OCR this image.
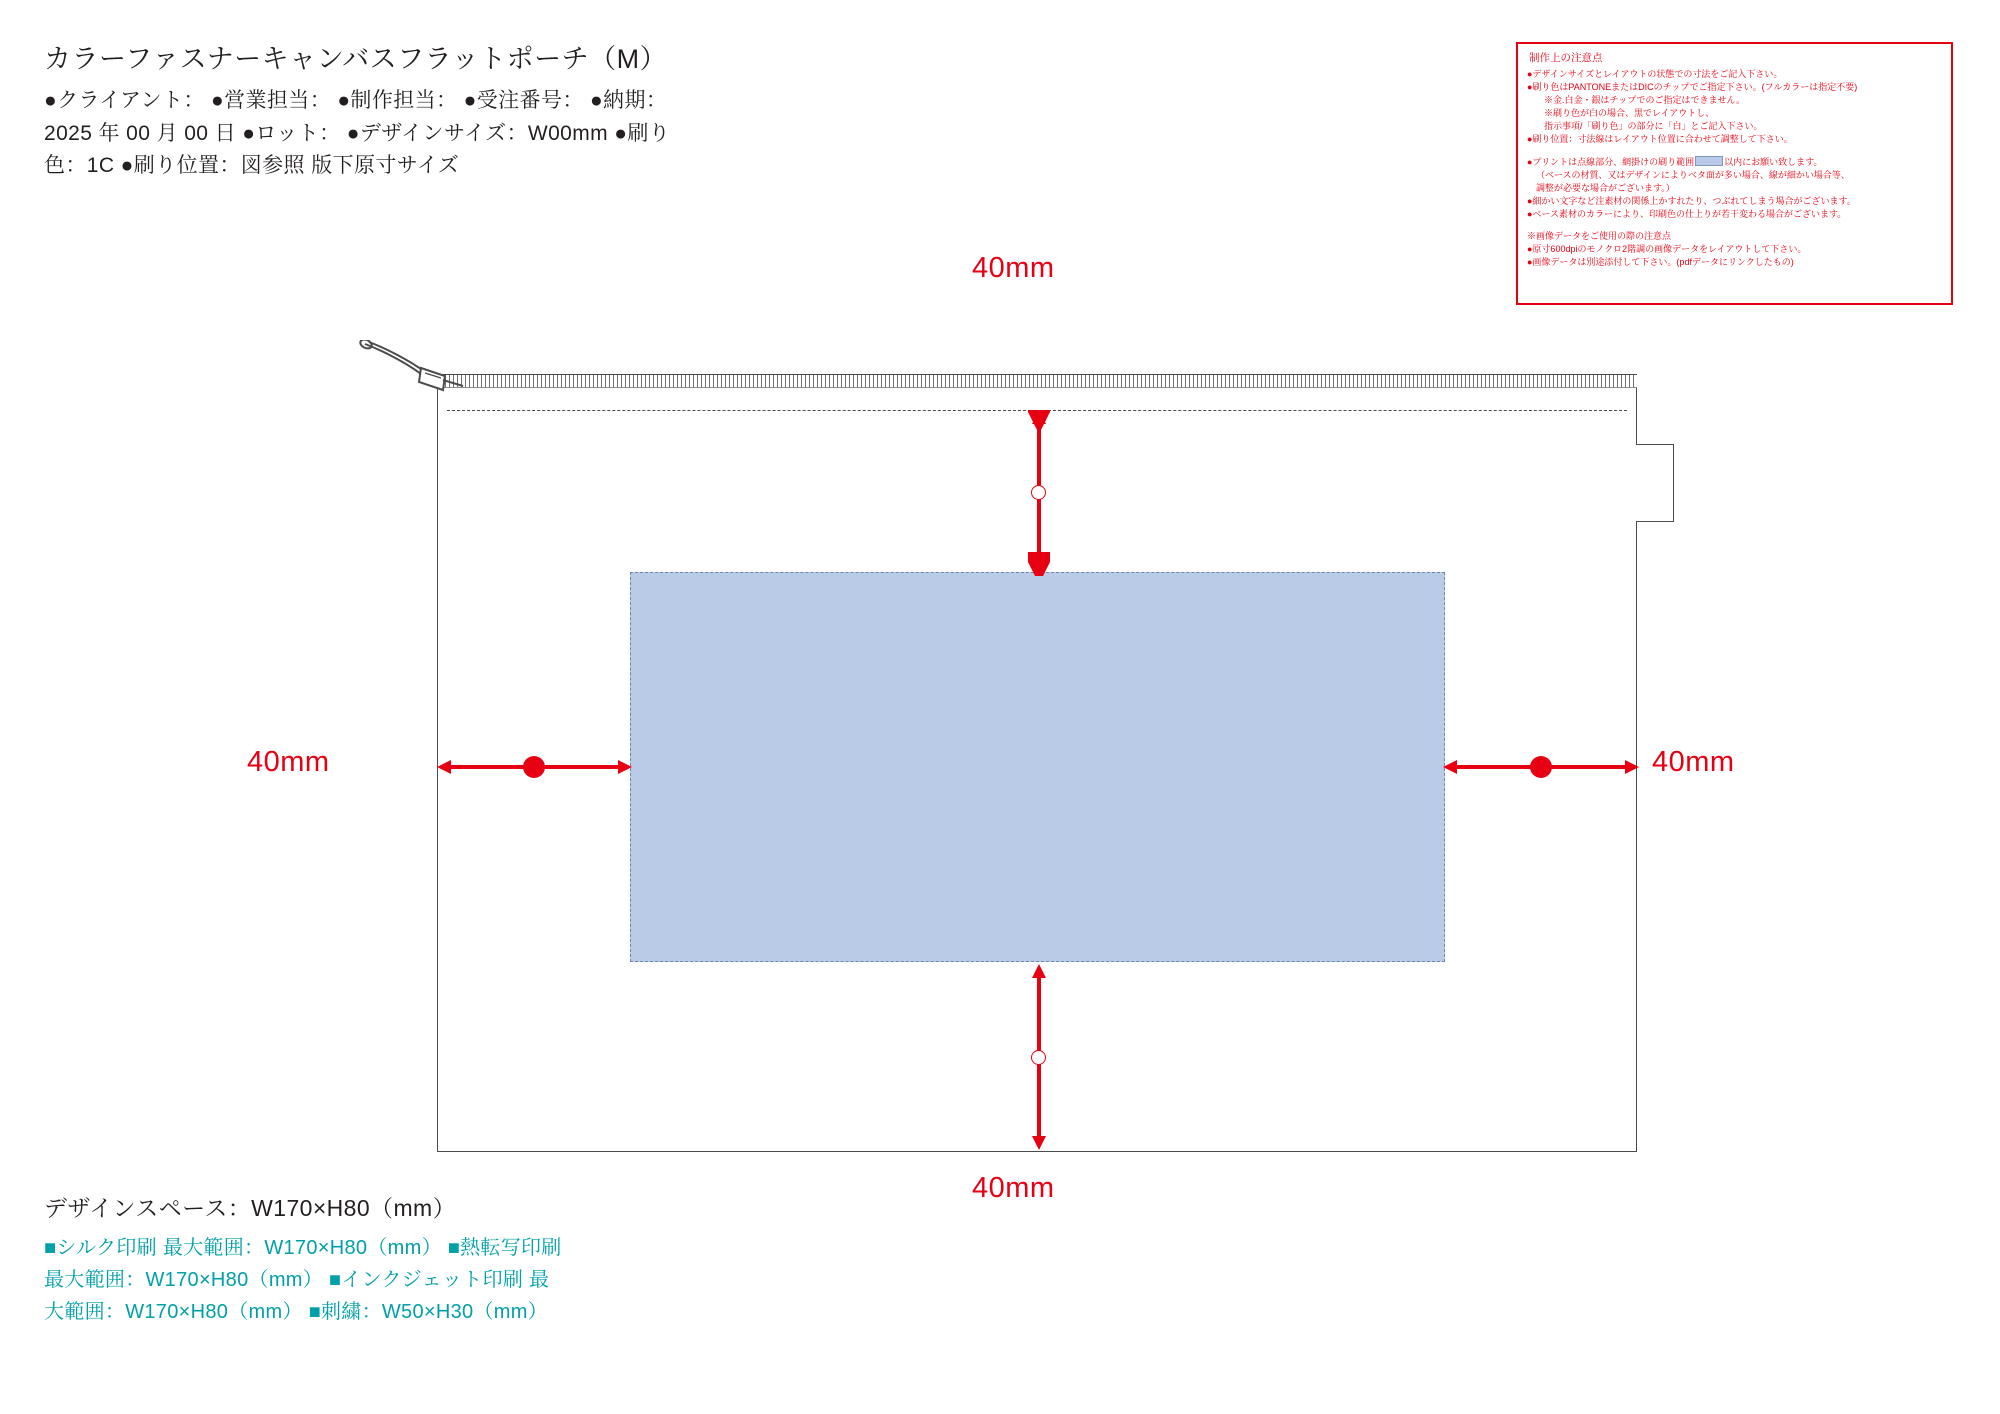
カラーファスナーキャンバスフラットポーチ（M）
●クライアント： ●営業担当： ●制作担当： ●受注番号： ●納期：
2025 年 00 月 00 日 ●ロット： ●デザインサイズ：W00mm ●刷り
色：1C ●刷り位置：図参照 版下原寸サイズ
制作上の注意点

●デザインサイズとレイアウトの状態での寸法をご記入下さい。

●刷り色はPANTONEまたはDICのチップでご指定下さい。(フルカラーは指定不要)

※金.白金・銀はチップでのご指定はできません。

※刷り色が白の場合、黒でレイアウトし、

指示事項/「刷り色」の部分に「白」とご記入下さい。

●刷り位置：寸法線はレイアウト位置に合わせて調整して下さい。

●プリントは点線部分、網掛けの刷り範囲	以内にお願い致します。

（ベースの材質、又はデザインによりベタ面が多い場合、線が細かい場合等、

調整が必要な場合がございます。）

●細かい文字など注素材の関係上かすれたり、つぶれてしまう場合がございます。

●ベース素材のカラーにより、印刷色の仕上りが若干変わる場合がございます。

※画像データをご使用の際の注意点

●原寸600dpiのモノクロ2階調の画像データをレイアウトして下さい。

●画像データは別途添付して下さい。(pdfデータにリンクしたもの)

40mm
40mm
40mm	40mm
デザインスペース：W170×H80（mm）
■シルク印刷 最大範囲：W170×H80（mm） ■熱転写印刷
最大範囲：W170×H80（mm） ■インクジェット印刷 最
大範囲：W170×H80（mm） ■刺繍：W50×H30（mm）
